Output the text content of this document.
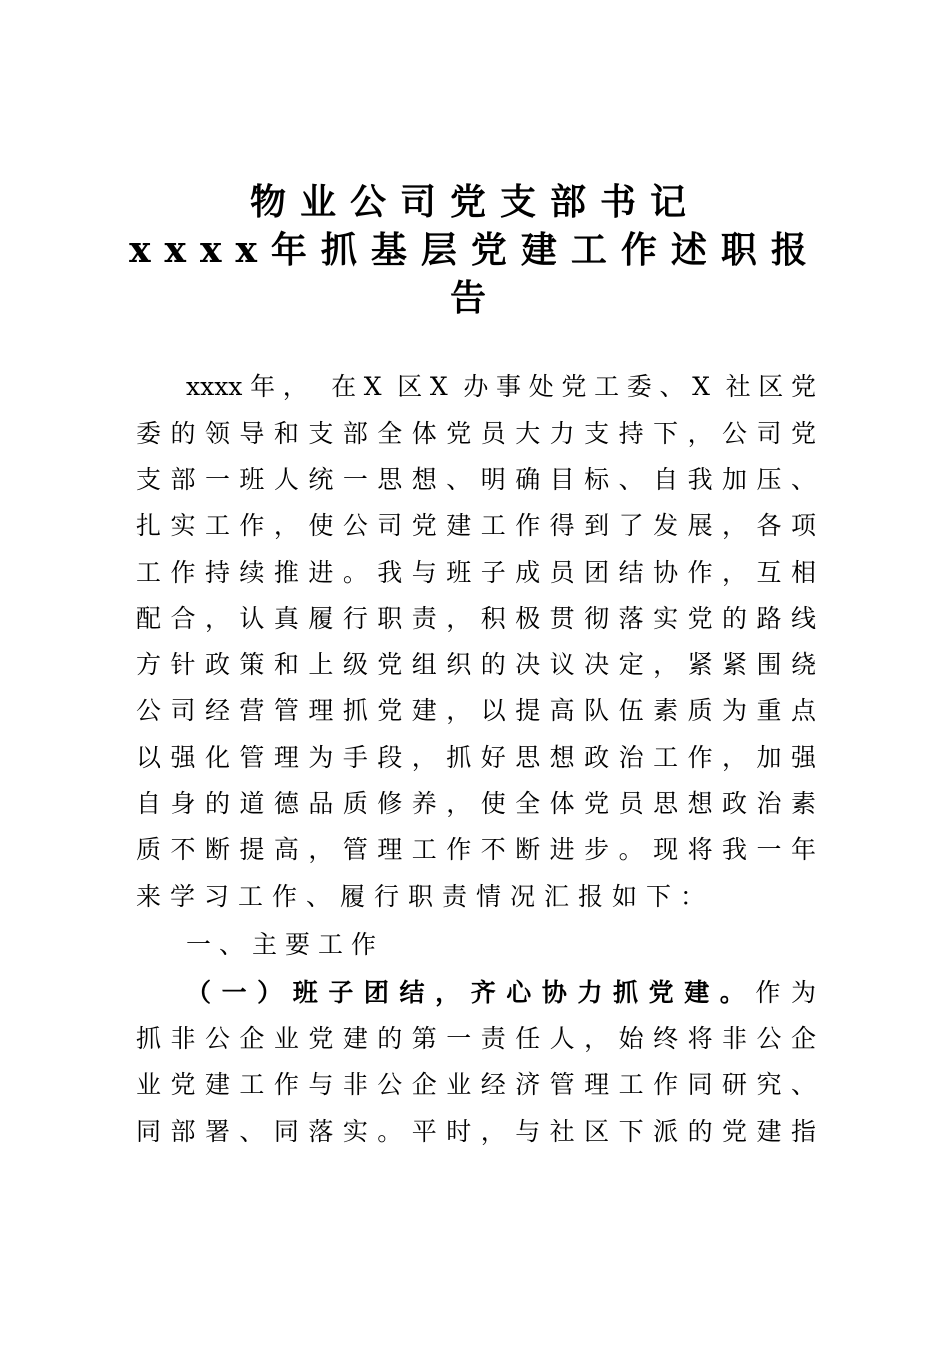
物业公司党支部书记
xxxx年抓基层党建工作述职报
告
xxxx年， 在X 区X 办事处党工委、X 社区党
委的领导和支部全体党员大力支持下，公司党
支部一班人统一思想、明确目标、自我加压、
扎实工作，使公司党建工作得到了发展，各项
工作持续推进。我与班子成员团结协作，互相
配合，认真履行职责，积极贯彻落实党的路线
方针政策和上级党组织的决议决定，紧紧围绕
公司经营管理抓党建，以提高队伍素质为重点
以强化管理为手段，抓好思想政治工作，加强
自身的道德品质修养，使全体党员思想政治素
质不断提高，管理工作不断进步。现将我一年
来学习工作、履行职责情况汇报如下：
一、主要工作
（一）班子团结，齐心协力抓党建。作为
抓非公企业党建的第一责任人，始终将非公企
业党建工作与非公企业经济管理工作同研究、
同部署、同落实。平时，与社区下派的党建指
